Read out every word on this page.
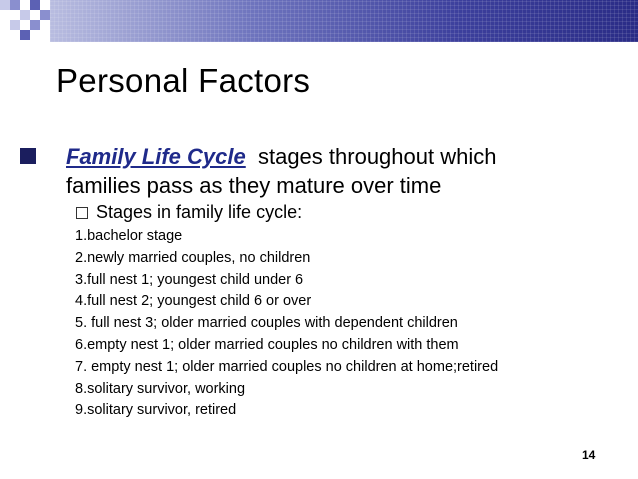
Personal Factors
Family Life Cycle  stages throughout which
families pass as they mature over time
Stages in family life cycle:
1.bachelor stage
2.newly married couples, no children
3.full nest 1; youngest child under 6
4.full nest 2; youngest child 6 or over
5. full nest 3; older married couples with dependent children
6.empty nest 1; older married couples no children with them
7. empty nest 1; older married couples no children at home;retired
8.solitary survivor, working
9.solitary survivor, retired
14
